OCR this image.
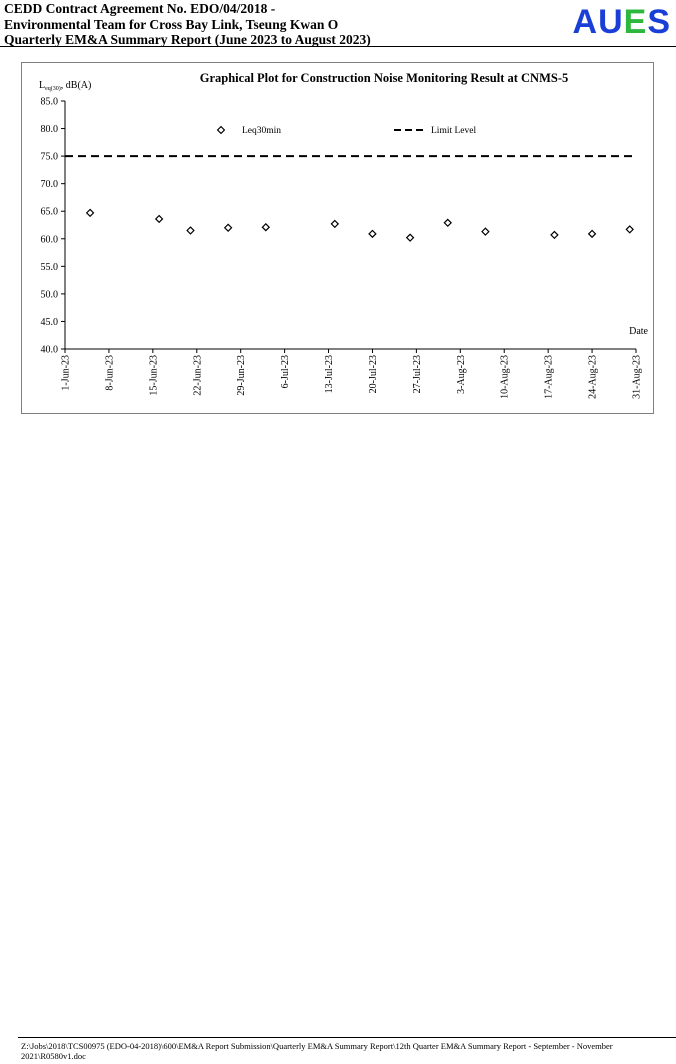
CEDD Contract Agreement No. EDO/04/2018 -
Environmental Team for Cross Bay Link, Tseung Kwan O
Quarterly EM&A Summary Report (June 2023 to August 2023)	AUES
Graphical Plot for Construction Noise Monitoring Result at CNMS-5
$L_{eq(30)}$, dB(A)
Date
Leq30min	Limit Level
40.0
45.0
50.0
55.0
60.0
65.0
70.0
75.0
80.0
85.0
1-Jun-23	8-Jun-23	15-Jun-23	22-Jun-23	29-Jun-23	6-Jul-23	13-Jul-23	20-Jul-23	27-Jul-23	3-Aug-23	10-Aug-23	17-Aug-23	24-Aug-23	31-Aug-23
Z:\Jobs\2018\TCS00975 (EDO-04-2018)\600\EM&A Report Submission\Quarterly EM&A Summary Report\12th Quarter EM&A Summary Report - September - November 2021\R0580v1.doc
